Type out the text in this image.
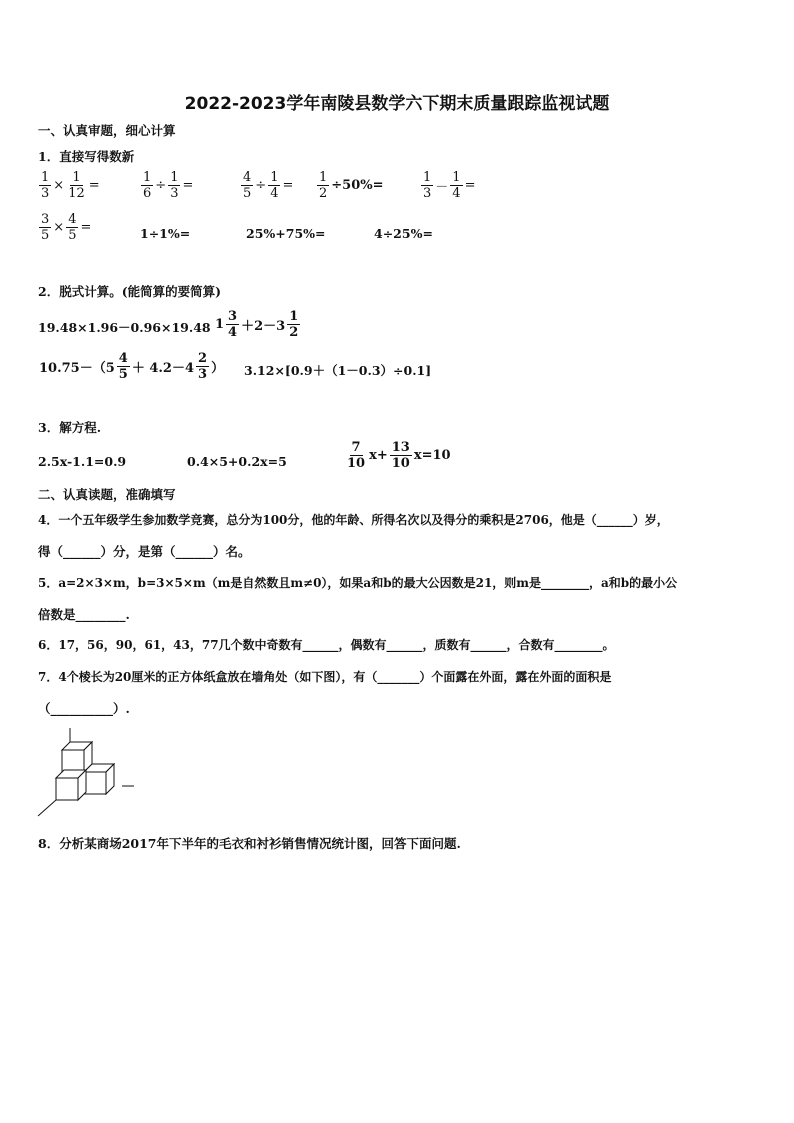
2022-2023学年南陵县数学六下期末质量跟踪监视试题
一、认真审题，细心计算
1．直接写得数新
$\frac{1}{3} \times \frac{1}{12}$ =	$\frac{1}{6} \div \frac{1}{3}$ =	$\frac{4}{5} \div \frac{1}{4} = \frac{1}{2} \div 50\%=$	$\frac{1}{3} - \frac{1}{4}$ =
$\frac{3}{5} \times \frac{4}{5}$ =	1÷1%=	25%+75%=	4÷25%=
2．脱式计算。(能简算的要简算)
19.48×1.96－0.96×19.48 $1 \frac{3}{4} +2-3 \frac{1}{2}$
$10.75-(5 \frac{4}{5} + 4.2-4 \frac{2}{3}$ ） 3.12×[0.9＋（1－0.3）÷0.1]
3．解方程.
2.5x-1.1=0.9	0.4×5+0.2x=5	$\frac{7}{10} x+ \frac{13}{10} x=10$
二、认真读题，准确填写
4．一个五年级学生参加数学竞赛，总分为100分，他的年龄、所得名次以及得分的乘积是2706，他是（______）岁，
得（______）分，是第（______）名。
5．a=2×3×m，b=3×5×m（m是自然数且m≠0），如果a和b的最大公因数是21，则m是________，a和b的最小公
倍数是________.
6．17，56，90，61，43，77几个数中奇数有______，偶数有______，质数有______，合数有________。
7．4个棱长为20厘米的正方体纸盒放在墙角处（如下图），有（_______）个面露在外面，露在外面的面积是
（__________）.
8．分析某商场2017年下半年的毛衣和衬衫销售情况统计图，回答下面问题.
